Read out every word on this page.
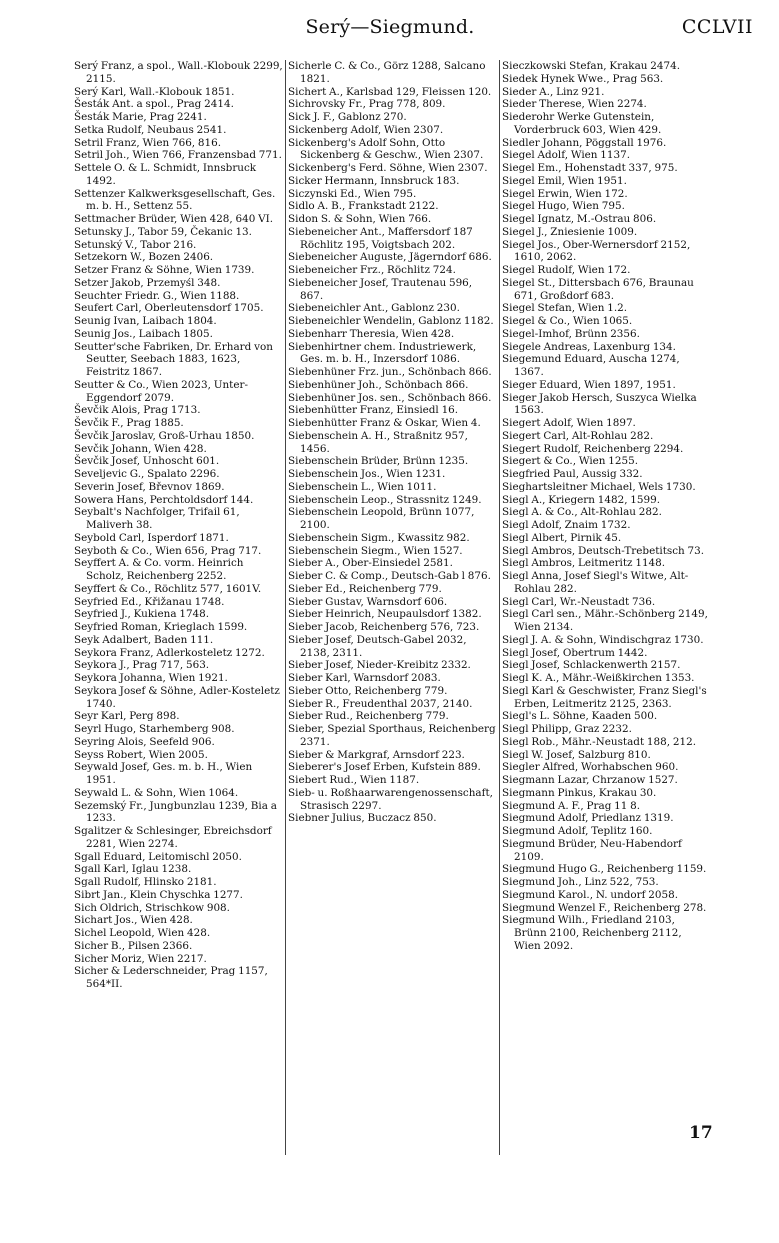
Serý—Siegmund.	CCLVII
Serý Franz, a spol., Wall.-Klobouk 2299, 2115.
Serý Karl, Wall.-Klobouk 1851.
Šesták Ant. a spol., Prag 2414.
Šesták Marie, Prag 2241.
Setka Rudolf, Neubaus 2541.
Setril Franz, Wien 766, 816.
Setril Joh., Wien 766, Franzensbad 771.
Settele O. & L. Schmidt, Innsbruck 1492.
Settenzer Kalkwerksgesellschaft, Ges. m. b. H., Settenz 55.
Settmacher Brüder, Wien 428, 640 VI.
Setunsky J., Tabor 59, Čekanic 13.
Setunský V., Tabor 216.
Setzekorn W., Bozen 2406.
Setzer Franz & Söhne, Wien 1739.
Setzer Jakob, Przemyśl 348.
Seuchter Friedr. G., Wien 1188.
Seufert Carl, Oberleutensdorf 1705.
Seunig Ivan, Laibach 1804.
Seunig Jos., Laibach 1805.
Seutter'sche Fabriken, Dr. Erhard von Seutter, Seebach 1883, 1623, Feistritz 1867.
Seutter & Co., Wien 2023, Unter-Eggendorf 2079.
Ševčik Alois, Prag 1713.
Ševčik F., Prag 1885.
Ševčik Jaroslav, Groß-Urhau 1850.
Sevčik Johann, Wien 428.
Ševčik Josef, Unhoscht 601.
Seveljevic G., Spalato 2296.
Severin Josef, Břevnov 1869.
Sowera Hans, Perchtoldsdorf 144.
Seybalt's Nachfolger, Trifail 61, Maliverh 38.
Seybold Carl, Isperdorf 1871.
Seyboth & Co., Wien 656, Prag 717.
Seyffert A. & Co. vorm. Heinrich Scholz, Reichenberg 2252.
Seyffert & Co., Röchlitz 577, 1601V.
Seyfried Ed., Křižanau 1748.
Seyfried J., Kukiena 1748.
Seyfried Roman, Krieglach 1599.
Seyk Adalbert, Baden 111.
Seykora Franz, Adlerkosteletz 1272.
Seykora J., Prag 717, 563.
Seykora Johanna, Wien 1921.
Seykora Josef & Söhne, Adler-Kosteletz 1740.
Seyr Karl, Perg 898.
Seyrl Hugo, Starhemberg 908.
Seyring Alois, Seefeld 906.
Seyss Robert, Wien 2005.
Seywald Josef, Ges. m. b. H., Wien 1951.
Seywald L. & Sohn, Wien 1064.
Sezemský Fr., Jungbunzlau 1239, Bia a 1233.
Sgalitzer & Schlesinger, Ebreichsdorf 2281, Wien 2274.
Sgall Eduard, Leitomischl 2050.
Sgall Karl, Iglau 1238.
Sgall Rudolf, Hlinsko 2181.
Sibrt Jan., Klein Chyschka 1277.
Sich Oldrich, Strischkow 908.
Sichart Jos., Wien 428.
Sichel Leopold, Wien 428.
Sicher B., Pilsen 2366.
Sicher Moriz, Wien 2217.
Sicher & Lederschneider, Prag 1157, 564*II.
Sicherle C. & Co., Görz 1288, Salcano 1821.
Sichert A., Karlsbad 129, Fleissen 120.
Sichrovsky Fr., Prag 778, 809.
Sick J. F., Gablonz 270.
Sickenberg Adolf, Wien 2307.
Sickenberg's Adolf Sohn, Otto Sickenberg & Geschw., Wien 2307.
Sickenberg's Ferd. Söhne, Wien 2307.
Sicker Hermann, Innsbruck 183.
Siczynski Ed., Wien 795.
Sidlo A. B., Frankstadt 2122.
Sidon S. & Sohn, Wien 766.
Siebeneicher Ant., Maffersdorf 187 Röchlitz 195, Voigtsbach 202.
Siebeneicher Auguste, Jägerndorf 686.
Siebeneicher Frz., Röchlitz 724.
Siebeneicher Josef, Trautenau 596, 867.
Siebeneichler Ant., Gablonz 230.
Siebeneichler Wendelin, Gablonz 1182.
Siebenharr Theresia, Wien 428.
Siebenhirtner chem. Industriewerk, Ges. m. b. H., Inzersdorf 1086.
Siebenhüner Frz. jun., Schönbach 866.
Siebenhüner Joh., Schönbach 866.
Siebenhüner Jos. sen., Schönbach 866.
Siebenhütter Franz, Einsiedl 16.
Siebenhütter Franz & Oskar, Wien 4.
Siebenschein A. H., Straßnitz 957, 1456.
Siebenschein Brüder, Brünn 1235.
Siebenschein Jos., Wien 1231.
Siebenschein L., Wien 1011.
Siebenschein Leop., Strassnitz 1249.
Siebenschein Leopold, Brünn 1077, 2100.
Siebenschein Sigm., Kwassitz 982.
Siebenschein Siegm., Wien 1527.
Sieber A., Ober-Einsiedel 2581.
Sieber C. & Comp., Deutsch-Gab l 876.
Sieber Ed., Reichenberg 779.
Sieber Gustav, Warnsdorf 606.
Sieber Heinrich, Neupaulsdorf 1382.
Sieber Jacob, Reichenberg 576, 723.
Sieber Josef, Deutsch-Gabel 2032, 2138, 2311.
Sieber Josef, Nieder-Kreibitz 2332.
Sieber Karl, Warnsdorf 2083.
Sieber Otto, Reichenberg 779.
Sieber R., Freudenthal 2037, 2140.
Sieber Rud., Reichenberg 779.
Sieber, Spezial Sporthaus, Reichenberg 2371.
Sieber & Markgraf, Arnsdorf 223.
Sieberer's Josef Erben, Kufstein 889.
Siebert Rud., Wien 1187.
Sieb- u. Roßhaarwarengenossenschaft, Strasisch 2297.
Siebner Julius, Buczacz 850.
Sieczkowski Stefan, Krakau 2474.
Siedek Hynek Wwe., Prag 563.
Sieder A., Linz 921.
Sieder Therese, Wien 2274.
Siederohr Werke Gutenstein, Vorderbruck 603, Wien 429.
Siedler Johann, Pöggstall 1976.
Siegel Adolf, Wien 1137.
Siegel Em., Hohenstadt 337, 975.
Siegel Emil, Wien 1951.
Siegel Erwin, Wien 172.
Siegel Hugo, Wien 795.
Siegel Ignatz, M.-Ostrau 806.
Siegel J., Zniesienie 1009.
Siegel Jos., Ober-Wernersdorf 2152, 1610, 2062.
Siegel Rudolf, Wien 172.
Siegel St., Dittersbach 676, Braunau 671, Großdorf 683.
Siegel Stefan, Wien 1.2.
Siegel & Co., Wien 1065.
Siegel-Imhof, Brünn 2356.
Siegele Andreas, Laxenburg 134.
Siegemund Eduard, Auscha 1274, 1367.
Sieger Eduard, Wien 1897, 1951.
Sieger Jakob Hersch, Suszyca Wielka 1563.
Siegert Adolf, Wien 1897.
Siegert Carl, Alt-Rohlau 282.
Siegert Rudolf, Reichenberg 2294.
Siegert & Co., Wien 1255.
Siegfried Paul, Aussig 332.
Sieghartsleitner Michael, Wels 1730.
Siegl A., Kriegern 1482, 1599.
Siegl A. & Co., Alt-Rohlau 282.
Siegl Adolf, Znaim 1732.
Siegl Albert, Pirnik 45.
Siegl Ambros, Deutsch-Trebetitsch 73.
Siegl Ambros, Leitmeritz 1148.
Siegl Anna, Josef Siegl's Witwe, Alt-Rohlau 282.
Siegl Carl, Wr.-Neustadt 736.
Siegl Carl sen., Mähr.-Schönberg 2149, Wien 2134.
Siegl J. A. & Sohn, Windischgraz 1730.
Siegl Josef, Obertrum 1442.
Siegl Josef, Schlackenwerth 2157.
Siegl K. A., Mähr.-Weißkirchen 1353.
Siegl Karl & Geschwister, Franz Siegl's Erben, Leitmeritz 2125, 2363.
Siegl's L. Söhne, Kaaden 500.
Siegl Philipp, Graz 2232.
Siegl Rob., Mähr.-Neustadt 188, 212.
Siegl W. Josef, Salzburg 810.
Siegler Alfred, Worhabschen 960.
Siegmann Lazar, Chrzanow 1527.
Siegmann Pinkus, Krakau 30.
Siegmund A. F., Prag 11 8.
Siegmund Adolf, Priedlanz 1319.
Siegmund Adolf, Teplitz 160.
Siegmund Brüder, Neu-Habendorf 2109.
Siegmund Hugo G., Reichenberg 1159.
Siegmund Joh., Linz 522, 753.
Siegmund Karol., N. undorf 2058.
Siegmund Wenzel F., Reichenberg 278.
Siegmund Wilh., Friedland 2103, Brünn 2100, Reichenberg 2112, Wien 2092.
17
